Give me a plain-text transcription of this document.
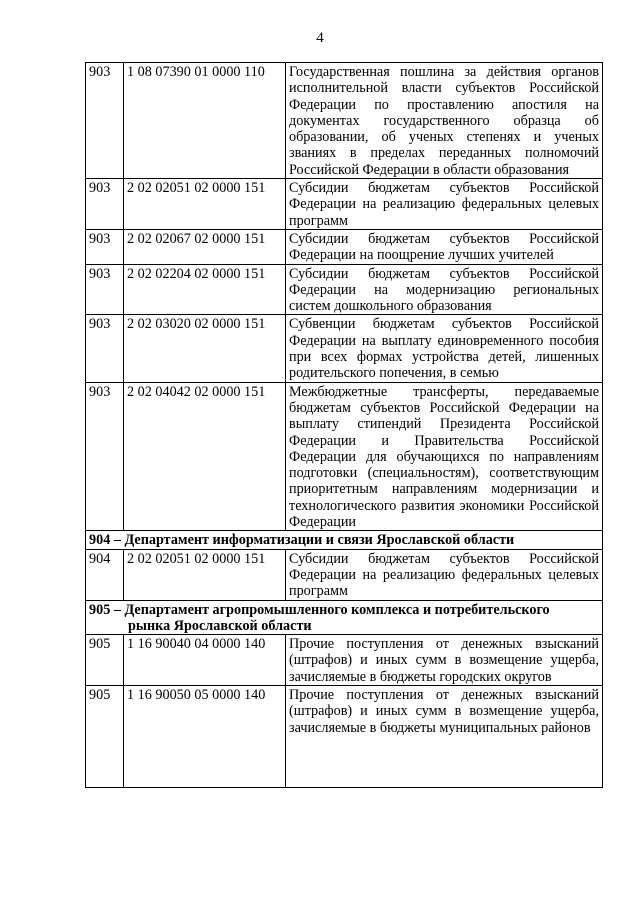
4
903	1 08 07390 01 0000 110	Государственная пошлина за действия органов исполнительной власти субъектов Российской Федерации по проставлению апостиля на документах государственного образца об образовании, об ученых степенях и ученых званиях в пределах переданных полномочий Российской Федерации в области образования
903	2 02 02051 02 0000 151	Субсидии бюджетам субъектов Российской Федерации на реализацию федеральных целевых программ
903	2 02 02067 02 0000 151	Субсидии бюджетам субъектов Российской Федерации на поощрение лучших учителей
903	2 02 02204 02 0000 151	Субсидии бюджетам субъектов Российской Федерации на модернизацию региональных систем дошкольного образования
903	2 02 03020 02 0000 151	Субвенции бюджетам субъектов Российской Федерации на выплату единовременного пособия при всех формах устройства детей, лишенных родительского попечения, в семью
903	2 02 04042 02 0000 151	Межбюджетные трансферты, передаваемые бюджетам субъектов Российской Федерации на выплату стипендий Президента Российской Федерации и Правительства Российской Федерации для обучающихся по направлениям подготовки (специальностям), соответствующим приоритетным направлениям модернизации и технологического развития экономики Российской Федерации
904 – Департамент информатизации и связи Ярославской области		
904	2 02 02051 02 0000 151	Субсидии бюджетам субъектов Российской Федерации на реализацию федеральных целевых программ
905 – Департамент агропромышленного комплекса и потребительского
рынка Ярославской области		

905	1 16 90040 04 0000 140	Прочие поступления от денежных взысканий (штрафов) и иных сумм в возмещение ущерба, зачисляемые в бюджеты городских округов
905	1 16 90050 05 0000 140	Прочие поступления от денежных взысканий (штрафов) и иных сумм в возмещение ущерба, зачисляемые в бюджеты муниципальных районов
